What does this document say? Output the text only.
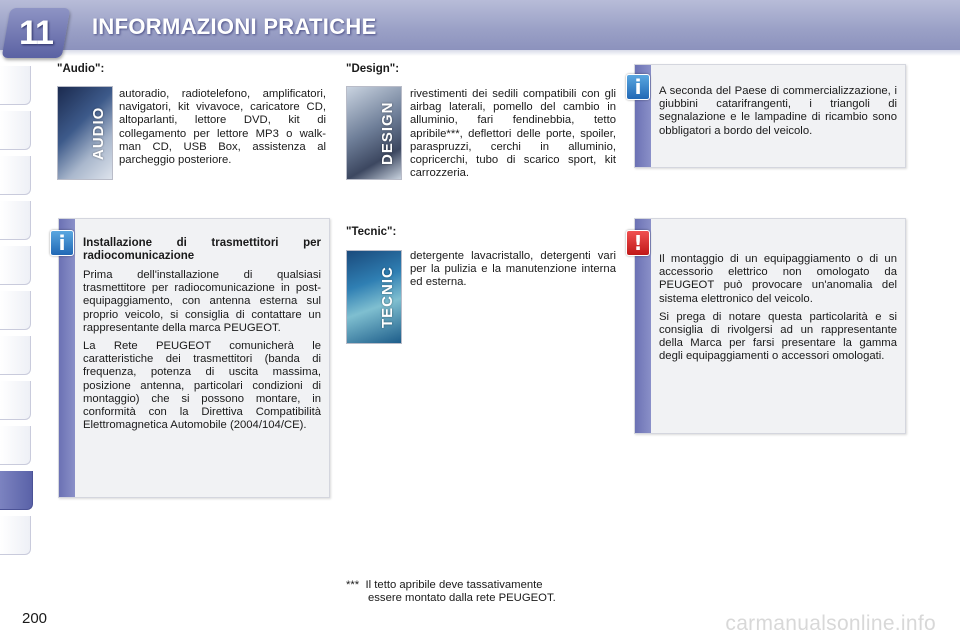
11	INFORMAZIONI PRATICHE
"Audio":
AUDIO
autoradio, radiotelefono, amplificatori, navigatori, kit vivavoce, caricatore CD, altoparlanti, lettore DVD, kit di collegamento per lettore MP3 o walk-man CD, USB Box, assistenza al parcheggio posteriore.
"Design":
DESIGN
rivestimenti dei sedili compatibili con gli airbag laterali, pomello del cambio in alluminio, fari fendinebbia, tetto apribile***, deflettori delle porte, spoiler, paraspruzzi, cerchi in alluminio, copricerchi, tubo di scarico sport, kit carrozzeria.
"Tecnic":
TECNIC
detergente lavacristallo, detergenti vari per la pulizia e la manutenzione interna ed esterna.
A seconda del Paese di commercializzazione, i giubbini catarifrangenti, i triangoli di segnalazione e le lampadine di ricambio sono obbligatori a bordo del veicolo.
i
Installazione di trasmettitori per radiocomunicazione

Prima dell'installazione di qualsiasi trasmettitore per radiocomunicazione in post-equipaggiamento, con antenna esterna sul proprio veicolo, si consiglia di contattare un rappresentante della marca PEUGEOT.

La Rete PEUGEOT comunicherà le caratteristiche dei trasmettitori (banda di frequenza, potenza di uscita massima, posizione antenna, particolari condizioni di montaggio) che si possono montare, in conformità con la Direttiva Compatibilità Elettromagnetica Automobile (2004/104/CE).

i

Il montaggio di un equipaggiamento o di un accessorio elettrico non omologato da PEUGEOT può provocare un'anomalia del sistema elettronico del veicolo.

Si prega di notare questa particolarità e si consiglia di rivolgersi ad un rappresentante della Marca per farsi presentare la gamma degli equipaggiamenti o accessori omologati.

!
*** Il tetto apribile deve tassativamente
essere montato dalla rete PEUGEOT.
200	carmanualsonline.info
